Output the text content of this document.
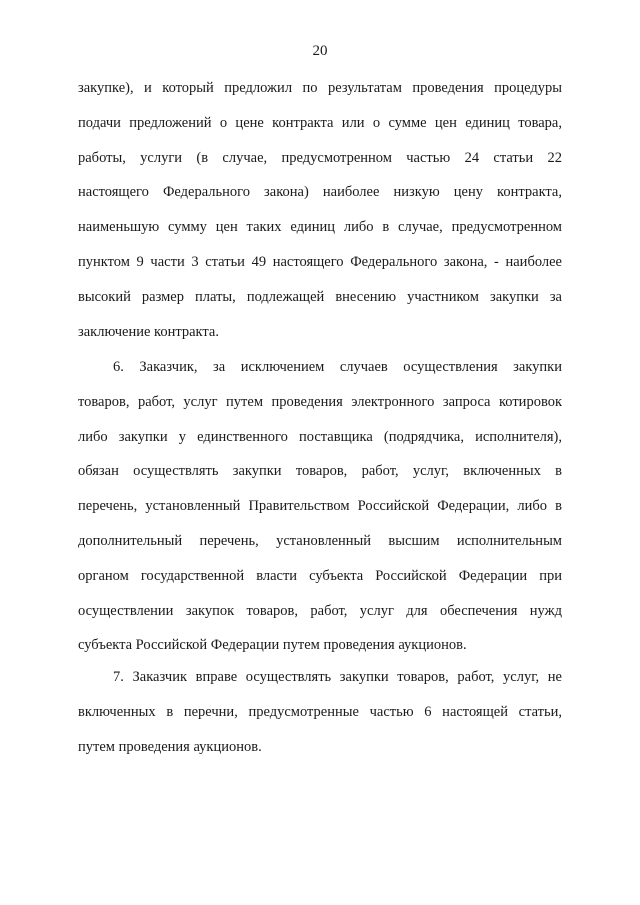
20
закупке), и который предложил по результатам проведения процедуры
подачи предложений о цене контракта или о сумме цен единиц товара,
работы, услуги (в случае, предусмотренном частью 24 статьи 22
настоящего Федерального закона) наиболее низкую цену контракта,
наименьшую сумму цен таких единиц либо в случае, предусмотренном
пунктом 9 части 3 статьи 49 настоящего Федерального закона, - наиболее
высокий размер платы, подлежащей внесению участником закупки за
заключение контракта.
6. Заказчик, за исключением случаев осуществления закупки
товаров, работ, услуг путем проведения электронного запроса котировок
либо закупки у единственного поставщика (подрядчика, исполнителя),
обязан осуществлять закупки товаров, работ, услуг, включенных в
перечень, установленный Правительством Российской Федерации, либо в
дополнительный перечень, установленный высшим исполнительным
органом государственной власти субъекта Российской Федерации при
осуществлении закупок товаров, работ, услуг для обеспечения нужд
субъекта Российской Федерации путем проведения аукционов.
7. Заказчик вправе осуществлять закупки товаров, работ, услуг, не
включенных в перечни, предусмотренные частью 6 настоящей статьи,
путем проведения аукционов.
